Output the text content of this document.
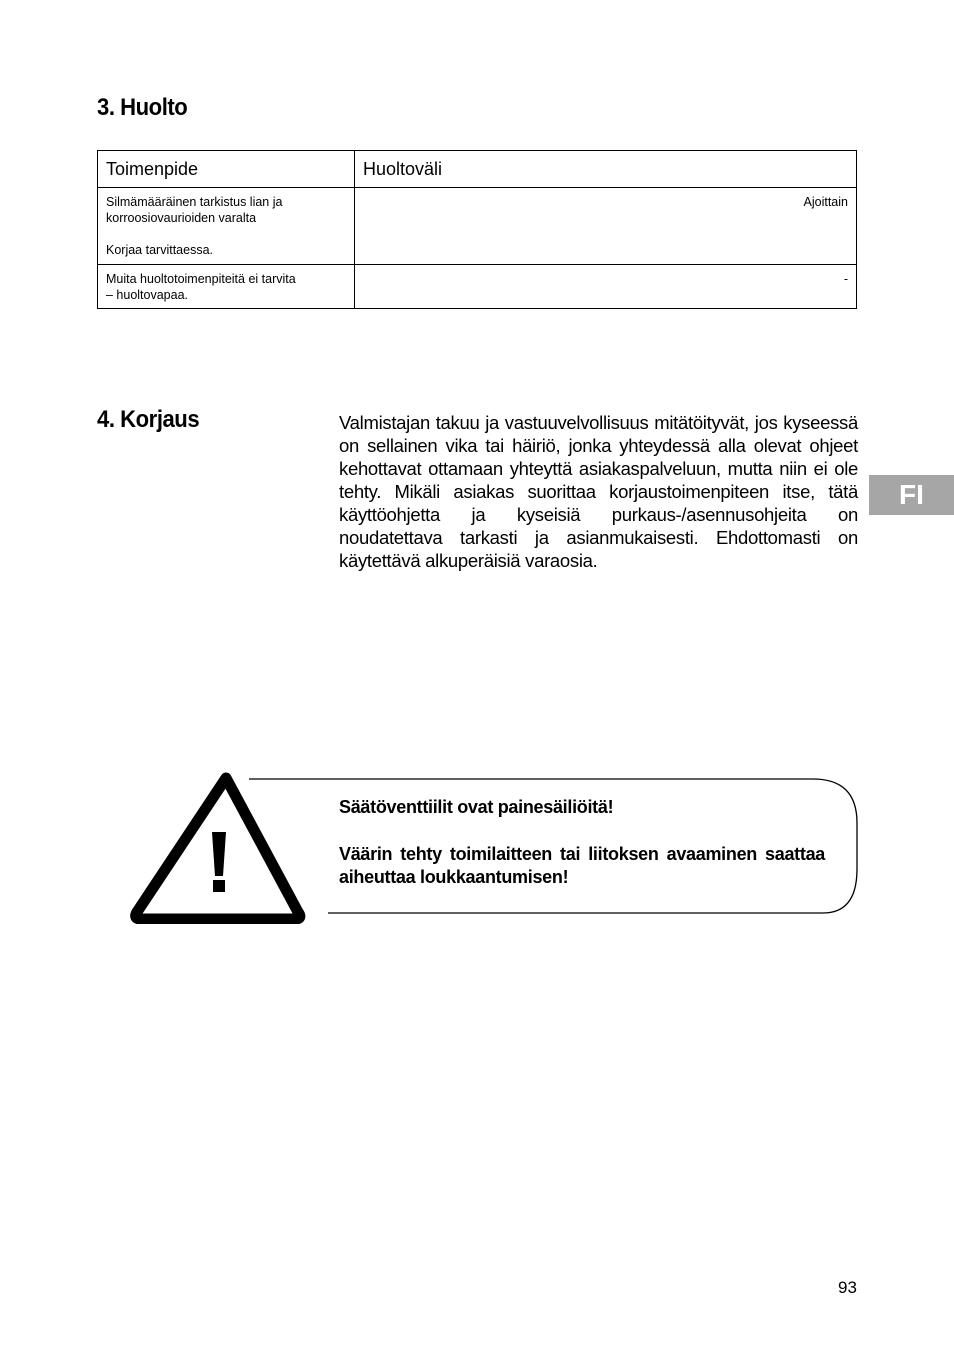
3. Huolto
Toimenpide	Huoltoväli

Silmämääräinen tarkistus lian ja
korroosiovaurioiden varalta
Korjaa tarvittaessa.	Ajoittain

Muita huoltotoimenpiteitä ei tarvita
– huoltovapaa.	-
4. Korjaus	Valmistajan takuu ja vastuuvelvollisuus mitätöityvät, jos kyseessä on sellainen vika tai häiriö, jonka yhteydessä alla olevat ohjeet kehottavat ottamaan yhteyttä asiakaspalveluun, mutta niin ei ole tehty. Mikäli asiakas suorittaa korjaustoimenpiteen itse, tätä käyttöohjetta ja kyseisiä purkaus-/asennusohjeita on noudatettava tarkasti ja asianmukaisesti. Ehdottomasti on käytettävä alkuperäisiä varaosia.

FI

Säätöventtiilit ovat painesäiliöitä!

Väärin tehty toimilaitteen tai liitoksen avaaminen saattaa aiheuttaa loukkaantumisen!

93
